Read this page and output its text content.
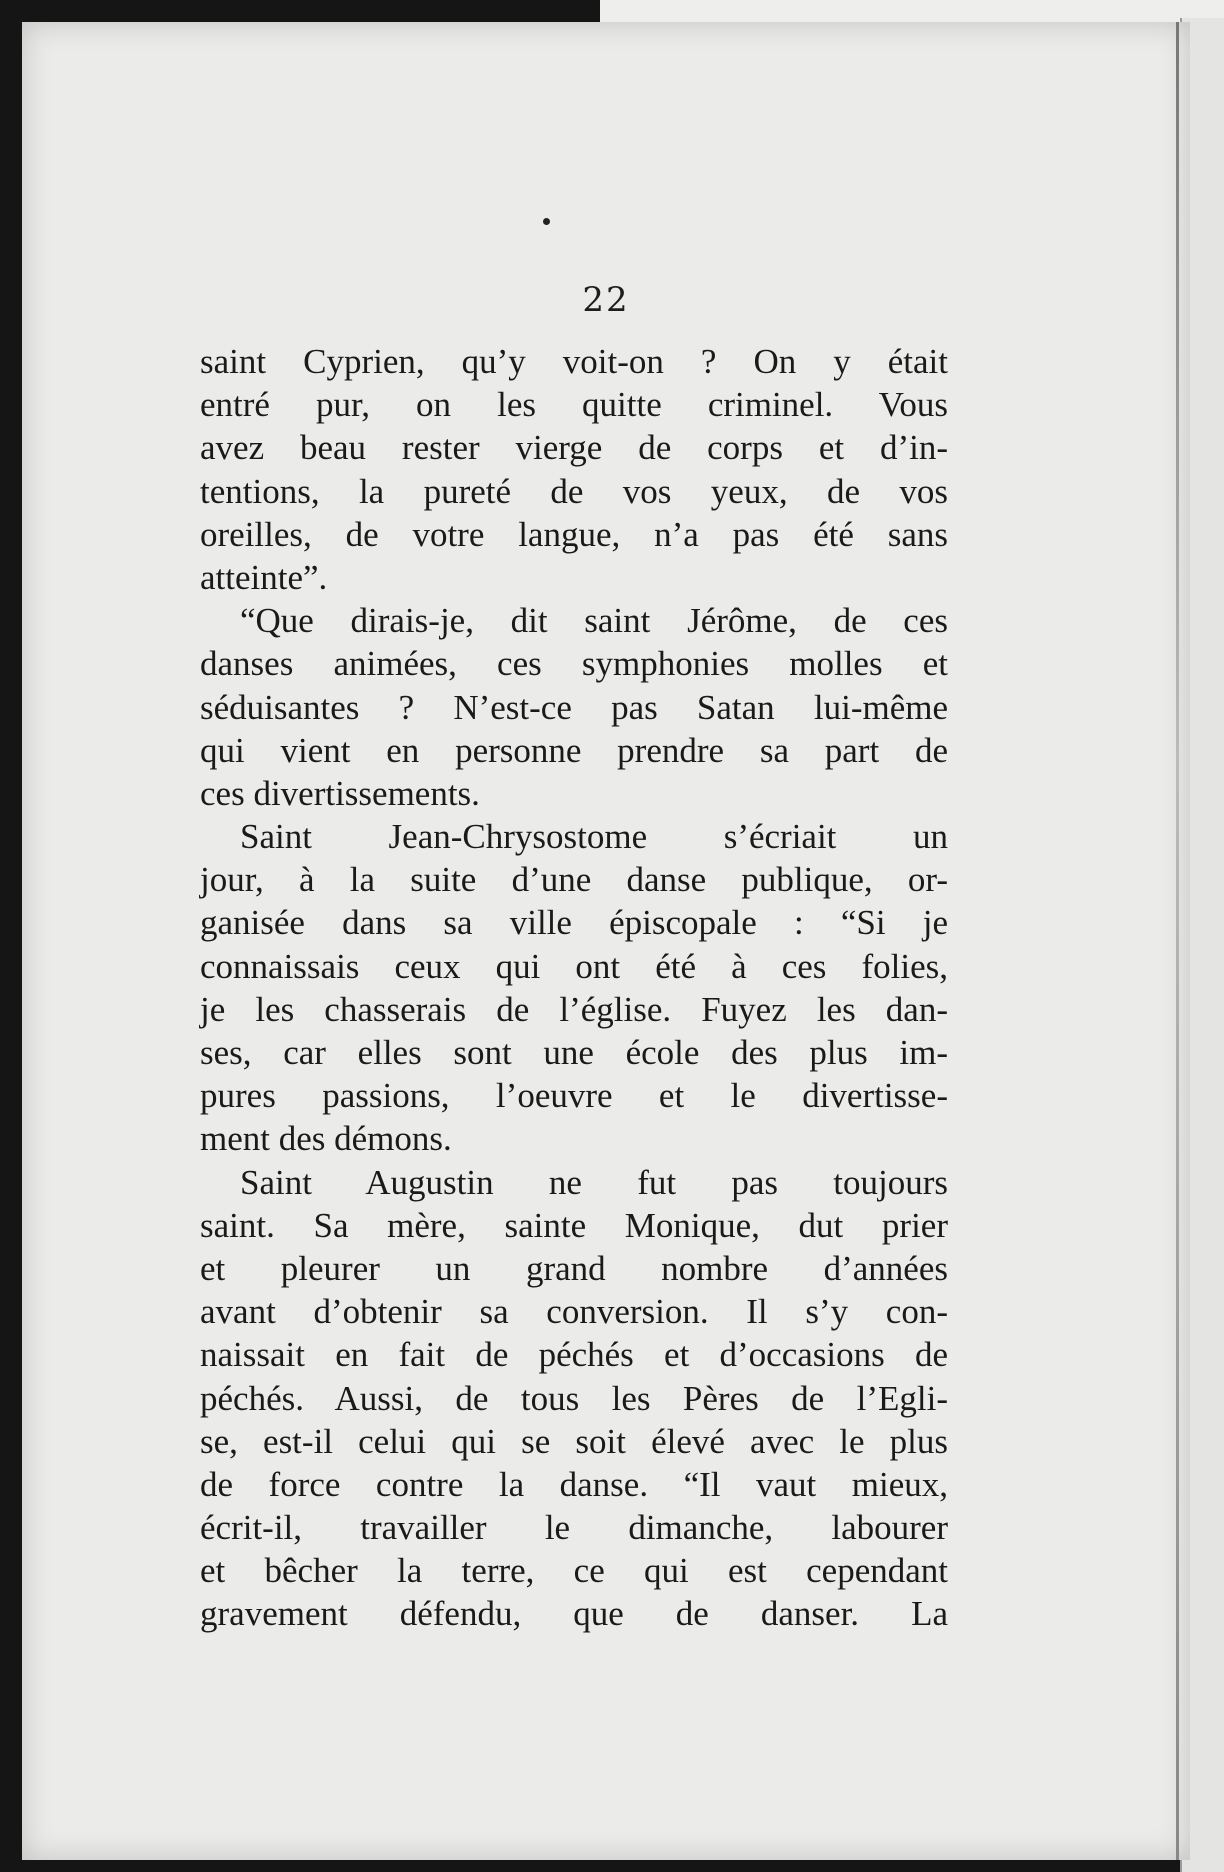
22
saint Cyprien, qu’y voit-on ? On y était
entré pur, on les quitte criminel. Vous
avez beau rester vierge de corps et d’in-
tentions, la pureté de vos yeux, de vos
oreilles, de votre langue, n’a pas été sans
atteinte”.
“Que dirais-je, dit saint Jérôme, de ces
danses animées, ces symphonies molles et
séduisantes ? N’est-ce pas Satan lui-même
qui vient en personne prendre sa part de
ces divertissements.
Saint Jean-Chrysostome s’écriait un
jour, à la suite d’une danse publique, or-
ganisée dans sa ville épiscopale : “Si je
connaissais ceux qui ont été à ces folies,
je les chasserais de l’église. Fuyez les dan-
ses, car elles sont une école des plus im-
pures passions, l’oeuvre et le divertisse-
ment des démons.
Saint Augustin ne fut pas toujours
saint. Sa mère, sainte Monique, dut prier
et pleurer un grand nombre d’années
avant d’obtenir sa conversion. Il s’y con-
naissait en fait de péchés et d’occasions de
péchés. Aussi, de tous les Pères de l’Egli-
se, est-il celui qui se soit élevé avec le plus
de force contre la danse. “Il vaut mieux,
écrit-il, travailler le dimanche, labourer
et bêcher la terre, ce qui est cependant
gravement défendu, que de danser. La
